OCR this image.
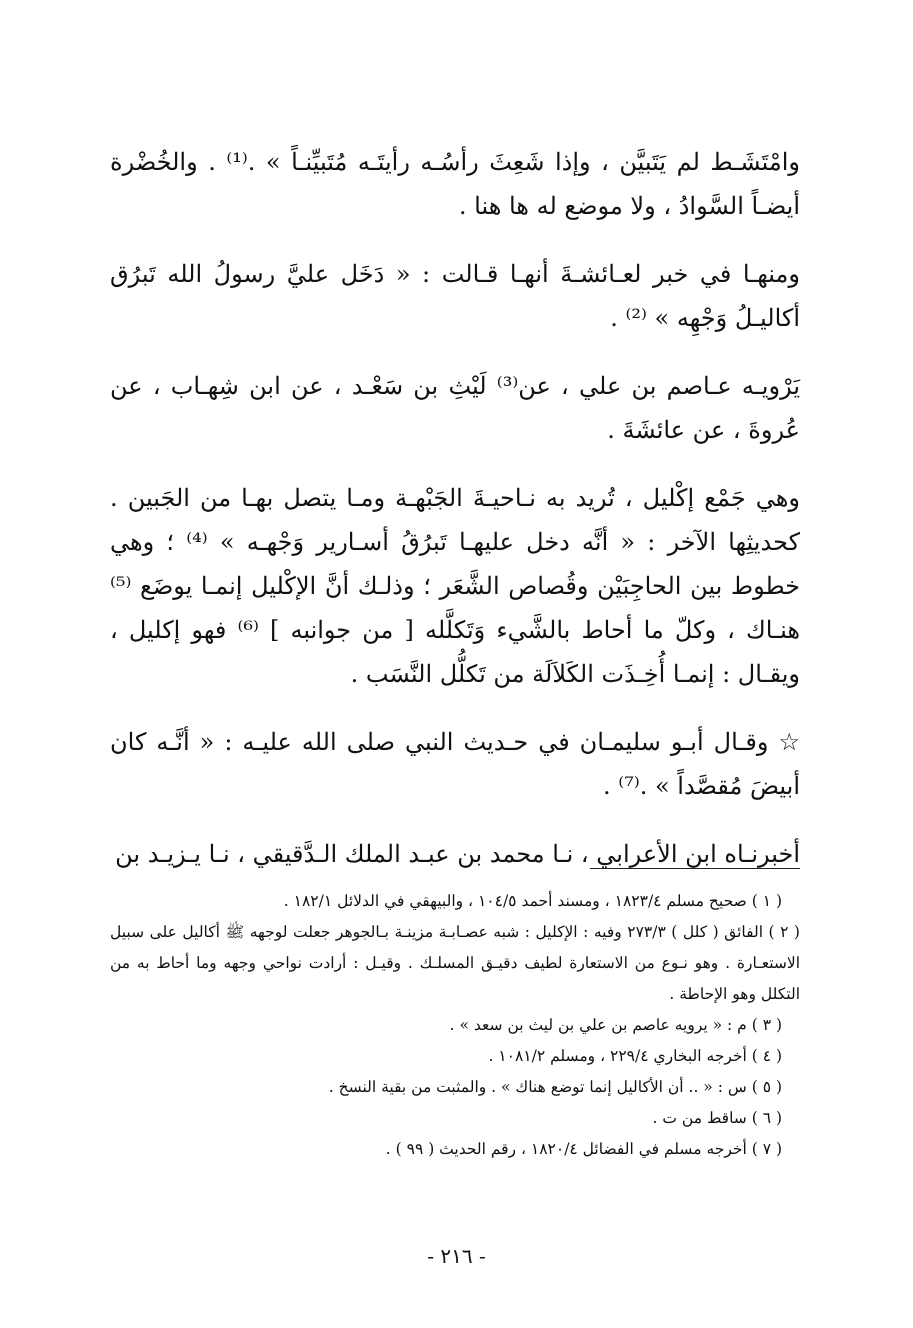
وامْتَشَـط لم يَتَبيَّن ، وإذا شَعِثَ رأسُـه رأيتَـه مُتَبيِّنـاً » .⁽¹⁾ . والخُضْرة أيضـاً السَّوادُ ، ولا موضع له ها هنا .

ومنهـا في خبر لعـائشـةَ أنهـا قـالت : « دَخَل عليَّ رسولُ الله تَبرُق أكاليـلُ وَجْهِه » ⁽²⁾ .

يَرْويـه عـاصم بن علي ، عن⁽³⁾ لَيْثِ بن سَعْـد ، عن ابن شِهـاب ، عن عُروةَ ، عن عائشَةَ .

وهي جَمْع إكْليل ، تُريد به نـاحيـةَ الجَبْهـة ومـا يتصل بهـا من الجَبين . كحديثِها الآخر : « أنَّه دخل عليهـا تَبرُقُ أسـارير وَجْهـه » ⁽⁴⁾ ؛ وهي خطوط بين الحاجِبَيْن وقُصاص الشَّعَر ؛ وذلـك أنَّ الإكْليل إنمـا يوضَع ⁽⁵⁾ هنـاك ، وكلّ ما أحاط بالشَّيء وَتَكلَّله [ من جوانبه ] ⁽⁶⁾ فهو إكليل ، ويقـال : إنمـا أُخِـذَت الكَلاَلَة من تَكلُّل النَّسَب .

☆ وقـال أبـو سليمـان في حـديث النبي صلى الله عليـه : « أنَّـه كان أبيضَ مُقصَّداً » .⁽⁷⁾ .

أخبرنـاه ابن الأعرابي ، نـا محمد بن عبـد الملك الـدَّقيقي ، نـا يـزيـد بن

( ١ ) صحيح مسلم ١٨٢٣/٤ ، ومسند أحمد ١٠٤/٥ ، والبيهقي في الدلائل ١٨٢/١ .

( ٢ ) الفائق ( كلل ) ٢٧٣/٣ وفيه : الإكليل : شبه عصـابـة مزينـة بـالجوهر جعلت لوجهه ﷺ أكاليل على سبيل الاستعـارة . وهو نـوع من الاستعارة لطيف دقيـق المسلـك . وقيـل : أرادت نواحي وجهه وما أحاط به من التكلل وهو الإحاطة .

( ٣ ) م : « يرويه عاصم بن علي بن ليث بن سعد » .

( ٤ ) أخرجه البخاري ٢٢٩/٤ ، ومسلم ١٠٨١/٢ .

( ٥ ) س : « .. أن الأكاليل إنما توضع هناك » . والمثبت من بقية النسخ .

( ٦ ) ساقط من ت .

( ٧ ) أخرجه مسلم في الفضائل ١٨٢٠/٤ ، رقم الحديث ( ٩٩ ) .

- ٢١٦ -
